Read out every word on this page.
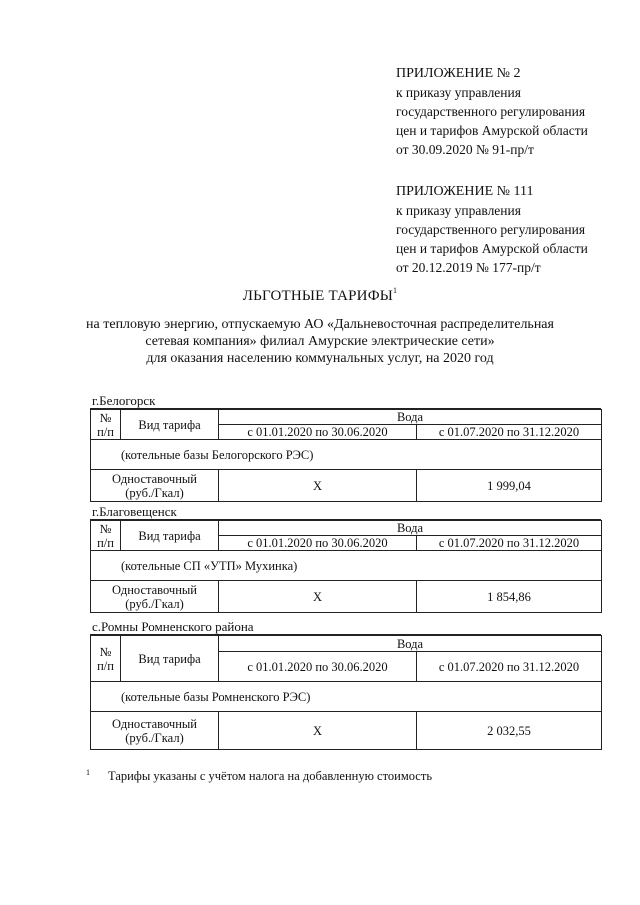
ПРИЛОЖЕНИЕ № 2
к приказу управления
государственного регулирования
цен и тарифов Амурской области
от 30.09.2020 № 91-пр/т
ПРИЛОЖЕНИЕ № 111
к приказу управления
государственного регулирования
цен и тарифов Амурской области
от 20.12.2019 № 177-пр/т
ЛЬГОТНЫЕ ТАРИФЫ$^1$
на тепловую энергию, отпускаемую АО «Дальневосточная распределительная
сетевая компания» филиал Амурские электрические сети»
для оказания населению коммунальных услуг, на 2020 год
г.Белогорск
№
п/п	Вид тарифа	Вода	
		с 01.01.2020 по 30.06.2020	с 01.07.2020 по 31.12.2020
(котельные базы Белогорского РЭС)			
Одноставочный
(руб./Гкал)		Х	1 999,04
г.Благовещенск
№
п/п	Вид тарифа	Вода	
		с 01.01.2020 по 30.06.2020	с 01.07.2020 по 31.12.2020
(котельные СП «УТП» Мухинка)			
Одноставочный
(руб./Гкал)		Х	1 854,86
с.Ромны Ромненского района
№
п/п	Вид тарифа	Вода	
		с 01.01.2020 по 30.06.2020	с 01.07.2020 по 31.12.2020
(котельные базы Ромненского РЭС)			
Одноставочный
(руб./Гкал)		Х	2 032,55
$^1$ Тарифы указаны с учётом налога на добавленную стоимость
